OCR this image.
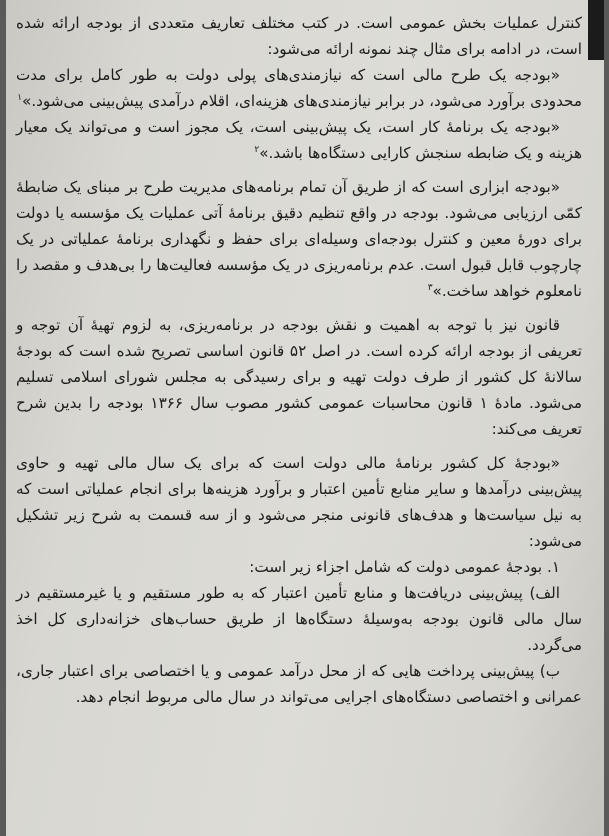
کنترل عملیات بخش عمومی است. در کتب مختلف تعاریف متعددی از بودجه ارائه شده است، در ادامه برای مثال چند نمونه ارائه می‌شود:

«بودجه یک طرح مالی است که نیازمندی‌های پولی دولت به طور کامل برای مدت محدودی برآورد می‌شود، در برابر نیازمندی‌های هزینه‌ای، اقلام درآمدی پیش‌بینی می‌شود.»$^۱$

«بودجه یک برنامهٔ کار است، یک پیش‌بینی است، یک مجوز است و می‌تواند یک معیار هزینه و یک ضابطه سنجش کارایی دستگاه‌ها باشد.»$^۲$

«بودجه ابزاری است که از طریق آن تمام برنامه‌های مدیریت طرح بر مبنای یک ضابطهٔ کمّی ارزیابی می‌شود. بودجه در واقع تنظیم دقیق برنامهٔ آتی عملیات یک مؤسسه یا دولت برای دورهٔ معین و کنترل بودجه‌ای وسیله‌ای برای حفظ و نگهداری برنامهٔ عملیاتی در یک چارچوب قابل قبول است. عدم برنامه‌ریزی در یک مؤسسه فعالیت‌ها را بی‌هدف و مقصد را نامعلوم خواهد ساخت.»$^۳$

قانون نیز با توجه به اهمیت و نقش بودجه در برنامه‌ریزی، به لزوم تهیهٔ آن توجه و تعریفی از بودجه ارائه کرده است. در اصل ۵۲ قانون اساسی تصریح شده است که بودجهٔ سالانهٔ کل کشور از طرف دولت تهیه و برای رسیدگی به مجلس شورای اسلامی تسلیم می‌شود. مادهٔ ۱ قانون محاسبات عمومی کشور مصوب سال ۱۳۶۶ بودجه را بدین شرح تعریف می‌کند:

«بودجهٔ کل کشور برنامهٔ مالی دولت است که برای یک سال مالی تهیه و حاوی پیش‌بینی درآمدها و سایر منابع تأمین اعتبار و برآورد هزینه‌ها برای انجام عملیاتی است که به نیل سیاست‌ها و هدف‌های قانونی منجر می‌شود و از سه قسمت به شرح زیر تشکیل می‌شود:

۱. بودجهٔ عمومی دولت که شامل اجزاء زیر است:

الف) پیش‌بینی دریافت‌ها و منابع تأمین اعتبار که به طور مستقیم و یا غیرمستقیم در سال مالی قانون بودجه به‌وسیلهٔ دستگاه‌ها از طریق حساب‌های خزانه‌داری کل اخذ می‌گردد.

ب) پیش‌بینی پرداخت هایی که از محل درآمد عمومی و یا اختصاصی برای اعتبار جاری، عمرانی و اختصاصی دستگاه‌های اجرایی می‌تواند در سال مالی مربوط انجام دهد.
